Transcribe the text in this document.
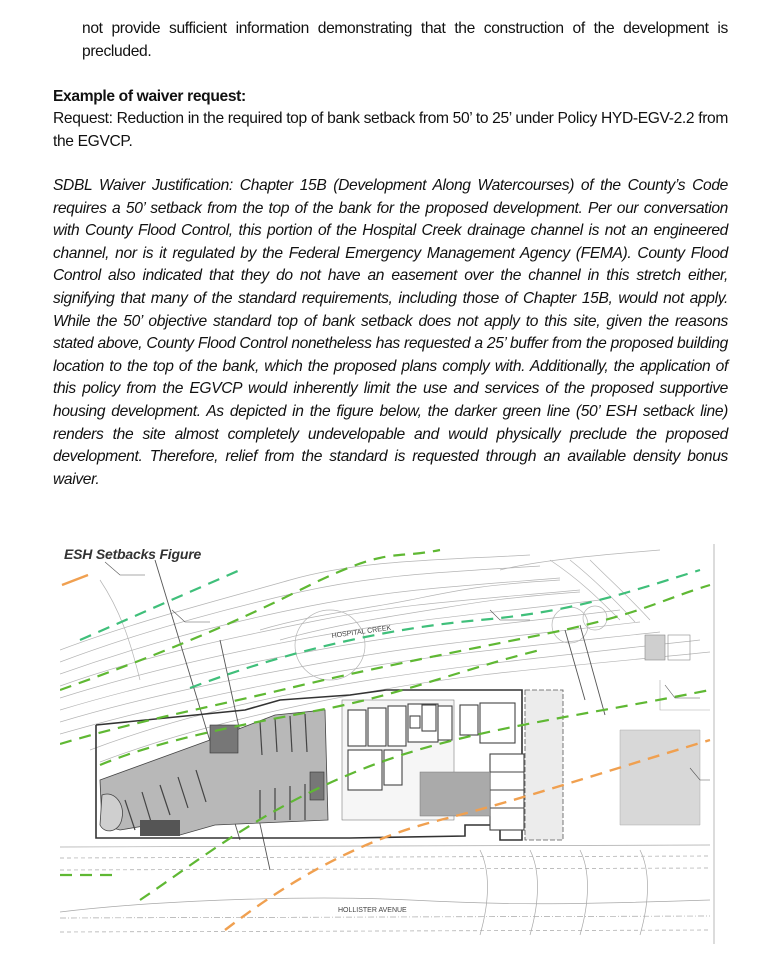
not provide sufficient information demonstrating that the construction of the development is precluded.
Example of waiver request:
Request: Reduction in the required top of bank setback from 50’ to 25’ under Policy HYD-EGV-2.2 from the EGVCP.
SDBL Waiver Justification: Chapter 15B (Development Along Watercourses) of the County’s Code requires a 50’ setback from the top of the bank for the proposed development. Per our conversation with County Flood Control, this portion of the Hospital Creek drainage channel is not an engineered channel, nor is it regulated by the Federal Emergency Management Agency (FEMA). County Flood Control also indicated that they do not have an easement over the channel in this stretch either, signifying that many of the standard requirements, including those of Chapter 15B, would not apply. While the 50’ objective standard top of bank setback does not apply to this site, given the reasons stated above, County Flood Control nonetheless has requested a 25’ buffer from the proposed building location to the top of the bank, which the proposed plans comply with. Additionally, the application of this policy from the EGVCP would inherently limit the use and services of the proposed supportive housing development. As depicted in the figure below, the darker green line (50’ ESH setback line) renders the site almost completely undevelopable and would physically preclude the proposed development. Therefore, relief from the standard is requested through an available density bonus waiver.
HOSPITAL CREEK
HOLLISTER AVENUE
ESH Setbacks Figure
